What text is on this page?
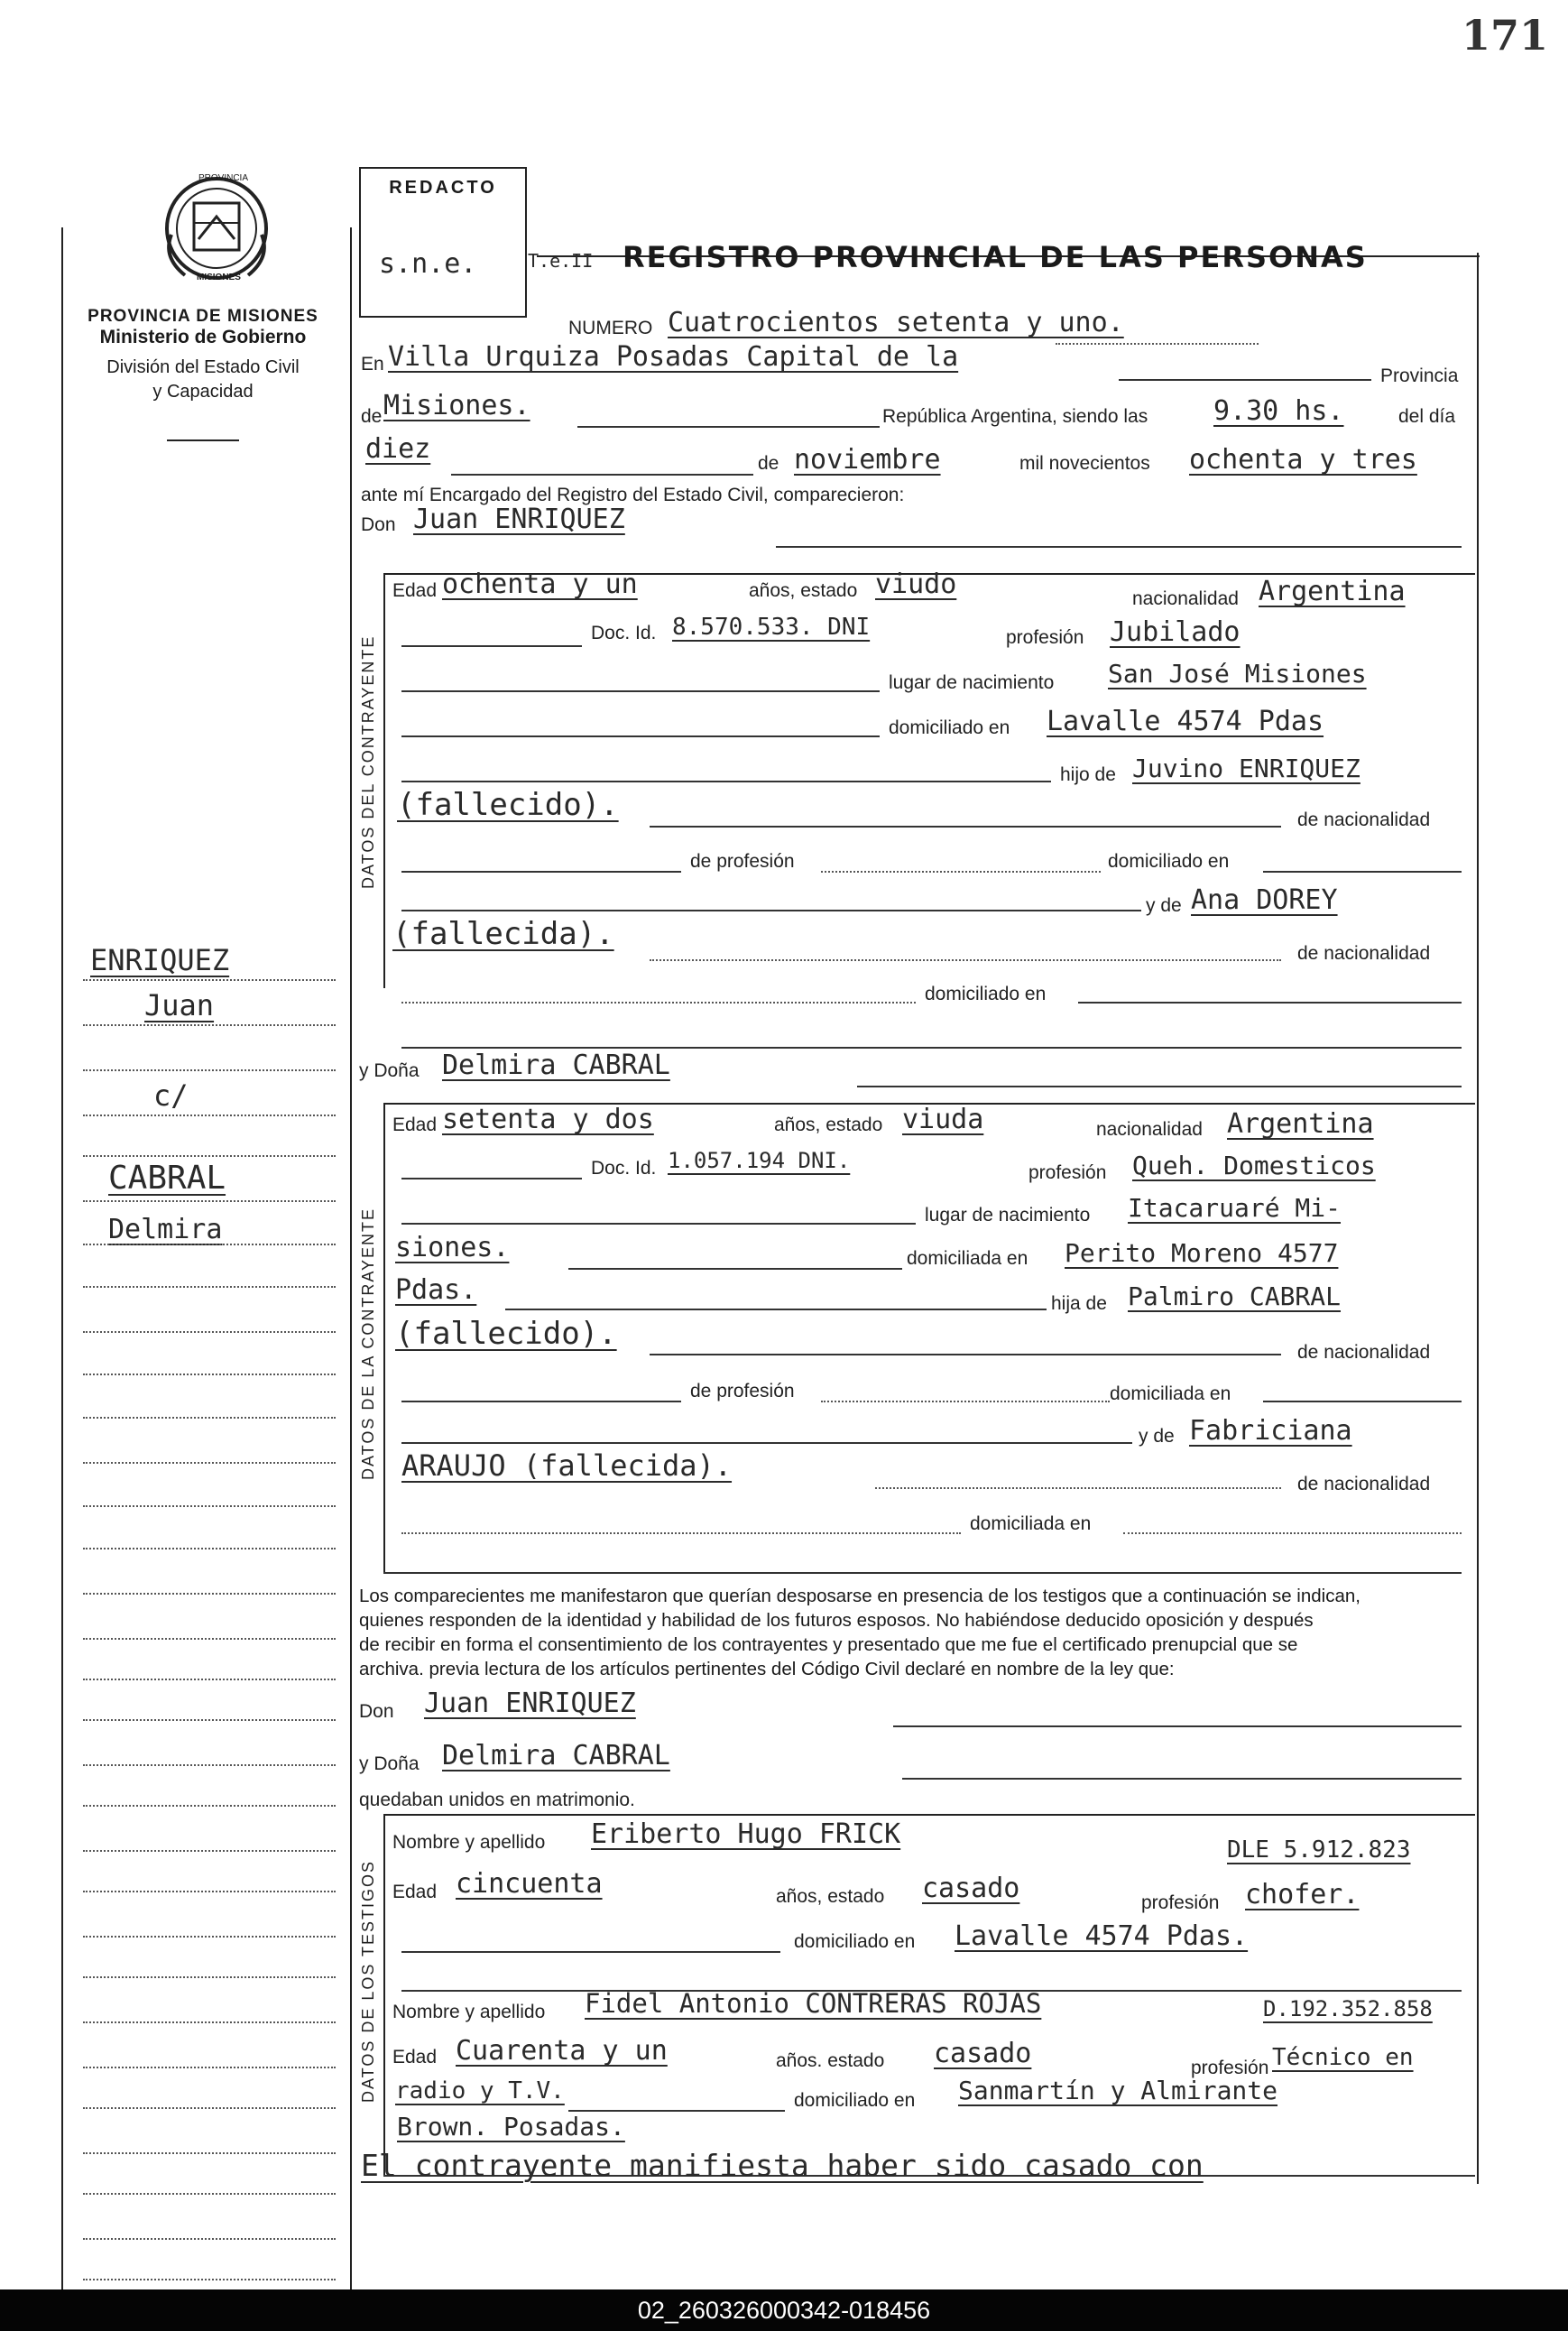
171
PROVINCIA
MISIONES
PROVINCIA DE MISIONES
Ministerio de Gobierno
División del Estado Civil
y Capacidad
REDACTO
s.n.e.	T.e.II REGISTRO PROVINCIAL DE LAS PERSONAS
NUMERO Cuatrocientos setenta y uno.
En Villa Urquiza Posadas Capital de la
Provincia
de Misiones.	República Argentina, siendo las 9.30 hs.	del día
diez	de noviembre	mil novecientos ochenta y tres
ante mí Encargado del Registro del Estado Civil, comparecieron:
Don Juan ENRIQUEZ
DATOS DEL CONTRAYENTE
Edad ochenta y un	años, estado viudo	nacionalidad Argentina
Doc. Id. 8.570.533. DNI	profesión Jubilado
lugar de nacimiento San José Misiones
domiciliado en Lavalle 4574 Pdas
hijo de Juvino ENRIQUEZ
(fallecido).	de nacionalidad
de profesión	domiciliado en
y de Ana DOREY
(fallecida).
de nacionalidad
domiciliado en
y Doña Delmira CABRAL
DATOS DE LA CONTRAYENTE
Edad setenta y dos	años, estado viuda	nacionalidad Argentina
Doc. Id. 1.057.194 DNI.	profesión Queh. Domesticos
lugar de nacimiento Itacaruaré Mi-
siones.	domiciliada en Perito Moreno 4577
Pdas.	hija de Palmiro CABRAL
(fallecido).
de nacionalidad
de profesión	domiciliada en
y de Fabriciana
ARAUJO (fallecida).
de nacionalidad
domiciliada en
Los comparecientes me manifestaron que querían desposarse en presencia de los testigos que a continuación se indican,
quienes responden de la identidad y habilidad de los futuros esposos. No habiéndose deducido oposición y después
de recibir en forma el consentimiento de los contrayentes y presentado que me fue el certificado prenupcial que se
archiva. previa lectura de los artículos pertinentes del Código Civil declaré en nombre de la ley que:
Don Juan ENRIQUEZ
y Doña Delmira CABRAL
quedaban unidos en matrimonio.
DATOS DE LOS TESTIGOS
Nombre y apellido Eriberto Hugo FRICK	DLE 5.912.823
Edad cincuenta	años, estado casado	profesión chofer.
domiciliado en Lavalle 4574 Pdas.
Nombre y apellido Fidel Antonio CONTRERAS ROJAS	D.192.352.858
Edad Cuarenta y un	años. estado casado	profesión Técnico en
radio y T.V.	domiciliado en Sanmartín y Almirante
Brown. Posadas.
El contrayente manifiesta haber sido casado con
ENRIQUEZ
Juan
c/
CABRAL
Delmira
02_260326000342-018456
